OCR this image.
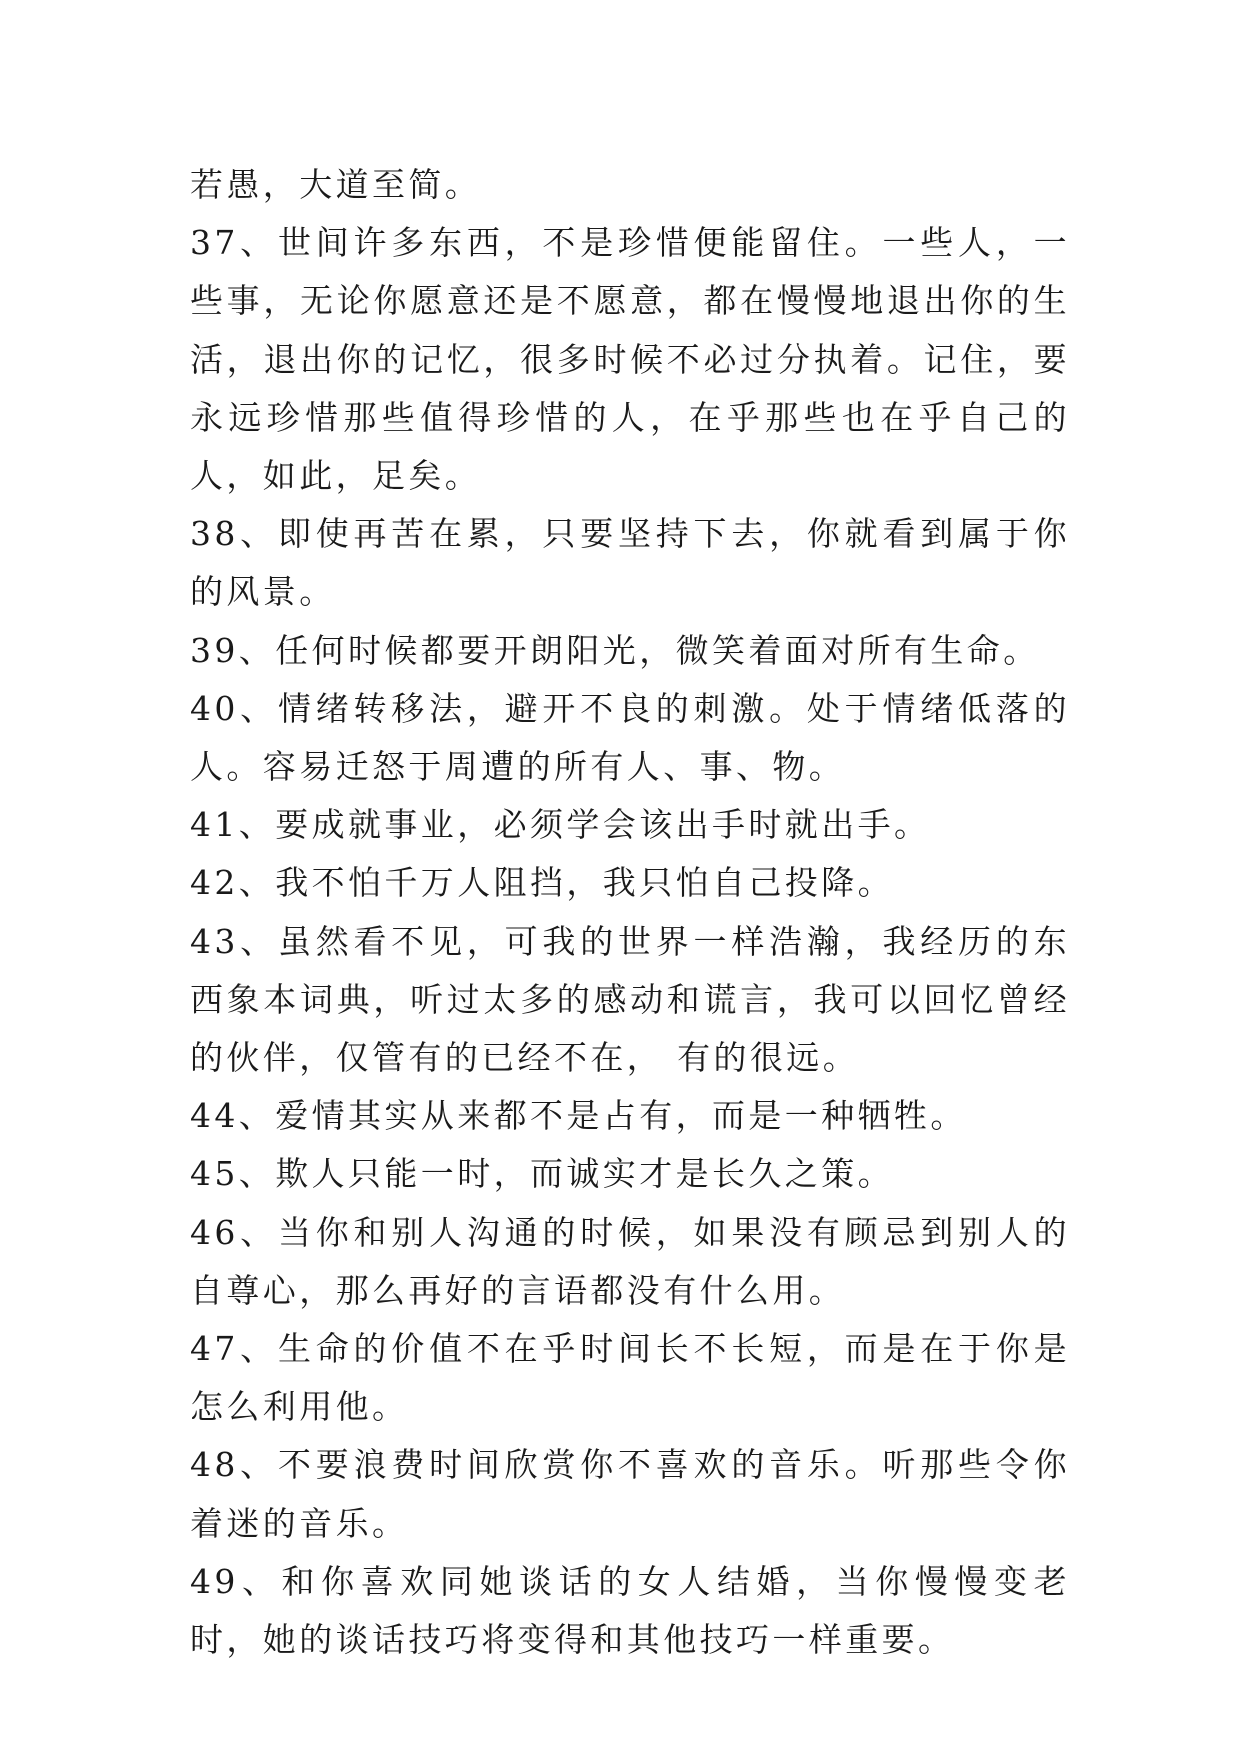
若愚，大道至简。

37、世间许多东西，不是珍惜便能留住。一些人，一些事，无论你愿意还是不愿意，都在慢慢地退出你的生活，退出你的记忆，很多时候不必过分执着。记住，要永远珍惜那些值得珍惜的人，在乎那些也在乎自己的人，如此，足矣。

38、即使再苦在累，只要坚持下去，你就看到属于你的风景。

39、任何时候都要开朗阳光，微笑着面对所有生命。

40、情绪转移法，避开不良的刺激。处于情绪低落的人。容易迁怒于周遭的所有人、事、物。

41、要成就事业，必须学会该出手时就出手。

42、我不怕千万人阻挡，我只怕自己投降。

43、虽然看不见，可我的世界一样浩瀚，我经历的东西象本词典，听过太多的感动和谎言，我可以回忆曾经的伙伴，仅管有的已经不在， 有的很远。

44、爱情其实从来都不是占有，而是一种牺牲。

45、欺人只能一时，而诚实才是长久之策。

46、当你和别人沟通的时候，如果没有顾忌到别人的自尊心，那么再好的言语都没有什么用。

47、生命的价值不在乎时间长不长短，而是在于你是怎么利用他。

48、不要浪费时间欣赏你不喜欢的音乐。听那些令你着迷的音乐。

49、和你喜欢同她谈话的女人结婚，当你慢慢变老时，她的谈话技巧将变得和其他技巧一样重要。
